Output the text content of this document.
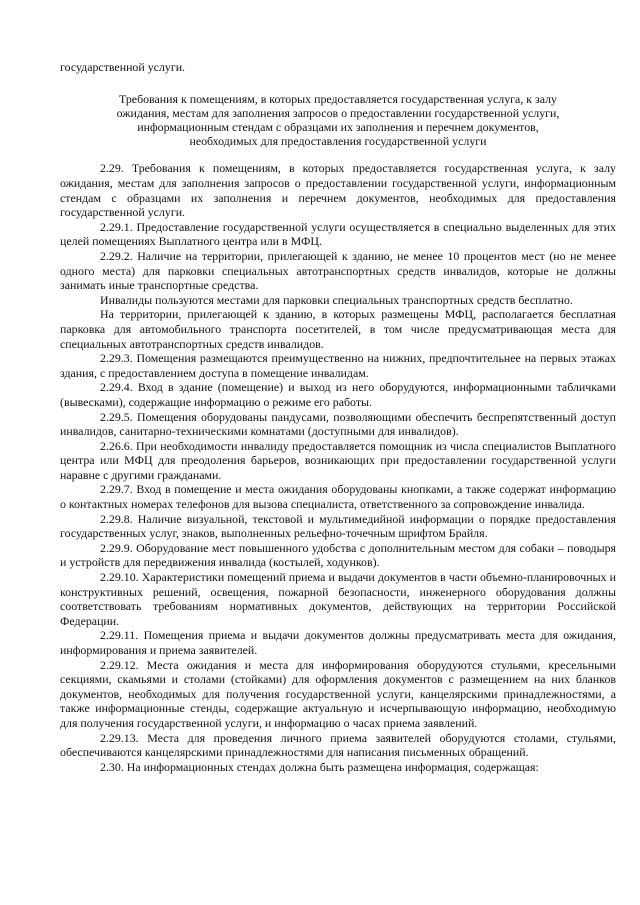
государственной услуги.

Требования к помещениям, в которых предоставляется государственная услуга, к залу ожидания, местам для заполнения запросов о предоставлении государственной услуги, информационным стендам с образцами их заполнения и перечнем документов, необходимых для предоставления государственной услуги

2.29. Требования к помещениям, в которых предоставляется государственная услуга, к залу ожидания, местам для заполнения запросов о предоставлении государственной услуги, информационным стендам с образцами их заполнения и перечнем документов, необходимых для предоставления государственной услуги.

2.29.1. Предоставление государственной услуги осуществляется в специально выделенных для этих целей помещениях Выплатного центра или в МФЦ.

2.29.2. Наличие на территории, прилегающей к зданию, не менее 10 процентов мест (но не менее одного места) для парковки специальных автотранспортных средств инвалидов, которые не должны занимать иные транспортные средства.

Инвалиды пользуются местами для парковки специальных транспортных средств бесплатно.

На территории, прилегающей к зданию, в которых размещены МФЦ, располагается бесплатная парковка для автомобильного транспорта посетителей, в том числе предусматривающая места для специальных автотранспортных средств инвалидов.

2.29.3. Помещения размещаются преимущественно на нижних, предпочтительнее на первых этажах здания, с предоставлением доступа в помещение инвалидам.

2.29.4. Вход в здание (помещение) и выход из него оборудуются, информационными табличками (вывесками), содержащие информацию о режиме его работы.

2.29.5. Помещения оборудованы пандусами, позволяющими обеспечить беспрепятственный доступ инвалидов, санитарно-техническими комнатами (доступными для инвалидов).

2.26.6. При необходимости инвалиду предоставляется помощник из числа специалистов Выплатного центра или МФЦ для преодоления барьеров, возникающих при предоставлении государственной услуги наравне с другими гражданами.

2.29.7. Вход в помещение и места ожидания оборудованы кнопками, а также содержат информацию о контактных номерах телефонов для вызова специалиста, ответственного за сопровождение инвалида.

2.29.8. Наличие визуальной, текстовой и мультимедийной информации о порядке предоставления государственных услуг, знаков, выполненных рельефно-точечным шрифтом Брайля.

2.29.9. Оборудование мест повышенного удобства с дополнительным местом для собаки – поводыря и устройств для передвижения инвалида (костылей, ходунков).

2.29.10. Характеристики помещений приема и выдачи документов в части объемно-планировочных и конструктивных решений, освещения, пожарной безопасности, инженерного оборудования должны соответствовать требованиям нормативных документов, действующих на территории Российской Федерации.

2.29.11. Помещения приема и выдачи документов должны предусматривать места для ожидания, информирования и приема заявителей.

2.29.12. Места ожидания и места для информирования оборудуются стульями, кресельными секциями, скамьями и столами (стойками) для оформления документов с размещением на них бланков документов, необходимых для получения государственной услуги, канцелярскими принадлежностями, а также информационные стенды, содержащие актуальную и исчерпывающую информацию, необходимую для получения государственной услуги, и информацию о часах приема заявлений.

2.29.13. Места для проведения личного приема заявителей оборудуются столами, стульями, обеспечиваются канцелярскими принадлежностями для написания письменных обращений.

2.30. На информационных стендах должна быть размещена информация, содержащая:
